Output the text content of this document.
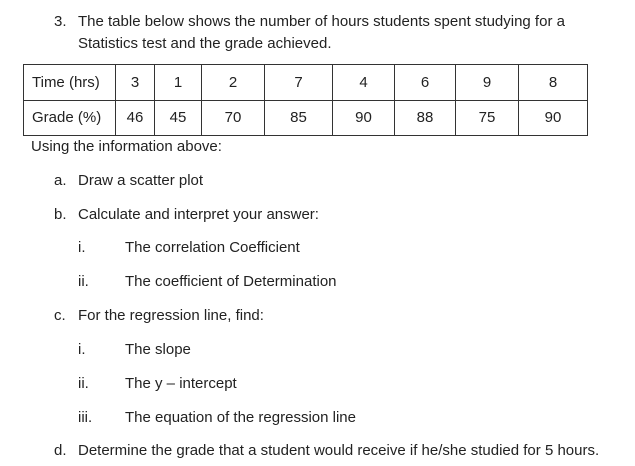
3. The table below shows the number of hours students spent studying for a
Statistics test and the grade achieved.
Time (hrs)	3	1	2	7	4	6	9	8
Grade (%)	46	45	70	85	90	88	75	90
Using the information above:
a. Draw a scatter plot
b. Calculate and interpret your answer:
i.	The correlation Coefficient
ii. The coefficient of Determination
c. For the regression line, find:
i.	The slope
ii. The y – intercept
iii. The equation of the regression line
d. Determine the grade that a student would receive if he/she studied for 5 hours.
